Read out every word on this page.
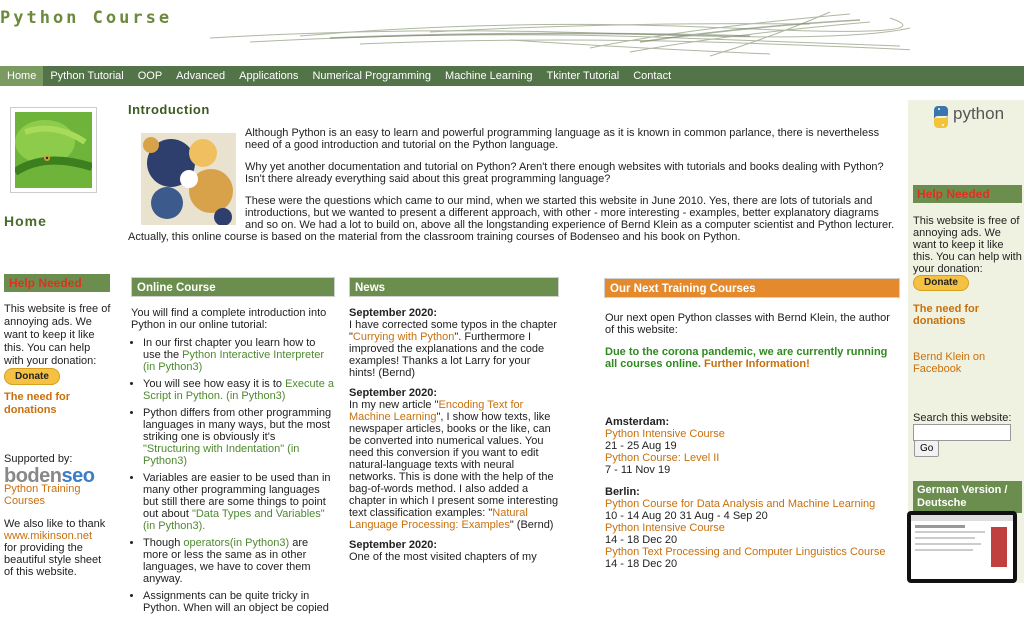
Python Course
Home	Python Tutorial	OOP	Advanced	Applications	Numerical Programming	Machine Learning	Tkinter Tutorial	Contact
Home
Help Needed
This website is free of annoying ads. We want to keep it like this. You can help with your donation:
Donate
The need for donations
Supported by:
bodenseo
Python Training Courses
We also like to thank
www.mikinson.net
for providing the beautiful style sheet of this website.
Introduction

Although Python is an easy to learn and powerful programming language as it is known in common parlance, there is nevertheless need of a good introduction and tutorial on the Python language.

Why yet another documentation and tutorial on Python? Aren't there enough websites with tutorials and books dealing with Python? Isn't there already everything said about this great programming language?

These were the questions which came to our mind, when we started this website in June 2010. Yes, there are lots of tutorials and introductions, but we wanted to present a different approach, with other - more interesting - examples, better explanatory diagrams and so on. We had a lot to build on, above all the longstanding experience of Bernd Klein as a computer scientist and Python lecturer.
Actually, this online course is based on the material from the classroom training courses of Bodenseo and his book on Python.

Online Course
You will find a complete introduction into Python in our online tutorial:
• In our first chapter you learn how to use the Python Interactive Interpreter (in Python3)
• You will see how easy it is to Execute a Script in Python. (in Python3)
• Python differs from other programming languages in many ways, but the most striking one is obviously it's "Structuring with Indentation" (in Python3)
• Variables are easier to be used than in many other programming languages but still there are some things to point out about "Data Types and Variables" (in Python3).
• Though operators(in Python3) are more or less the same as in other languages, we have to cover them anyway.
• Assignments can be quite tricky in Python. When will an object be copied
News
September 2020:
I have corrected some typos in the chapter "Currying with Python". Furthermore I improved the explanations and the code examples! Thanks a lot Larry for your hints! (Bernd)
September 2020:
In my new article "Encoding Text for Machine Learning", I show how texts, like newspaper articles, books or the like, can be converted into numerical values. You need this conversion if you want to edit natural-language texts with neural networks. This is done with the help of the bag-of-words method. I also added a chapter in which I present some interesting text classification examples: "Natural Language Processing: Examples" (Bernd)
September 2020:
One of the most visited chapters of my
Our Next Training Courses
Our next open Python classes with Bernd Klein, the author of this website:
Due to the corona pandemic, we are currently running all courses online. Further Information!
Amsterdam:
Python Intensive Course
21 - 25 Aug 19
Python Course: Level II
7 - 11 Nov 19
Berlin:
Python Course for Data Analysis and Machine Learning
10 - 14 Aug 20 31 Aug - 4 Sep 20
Python Intensive Course
14 - 18 Dec 20
Python Text Processing and Computer Linguistics Course
14 - 18 Dec 20
python
Help Needed
This website is free of annoying ads. We want to keep it like this. You can help with your donation:
Donate
The need for donations
Bernd Klein on Facebook
Search this website:
Go
German Version / Deutsche
